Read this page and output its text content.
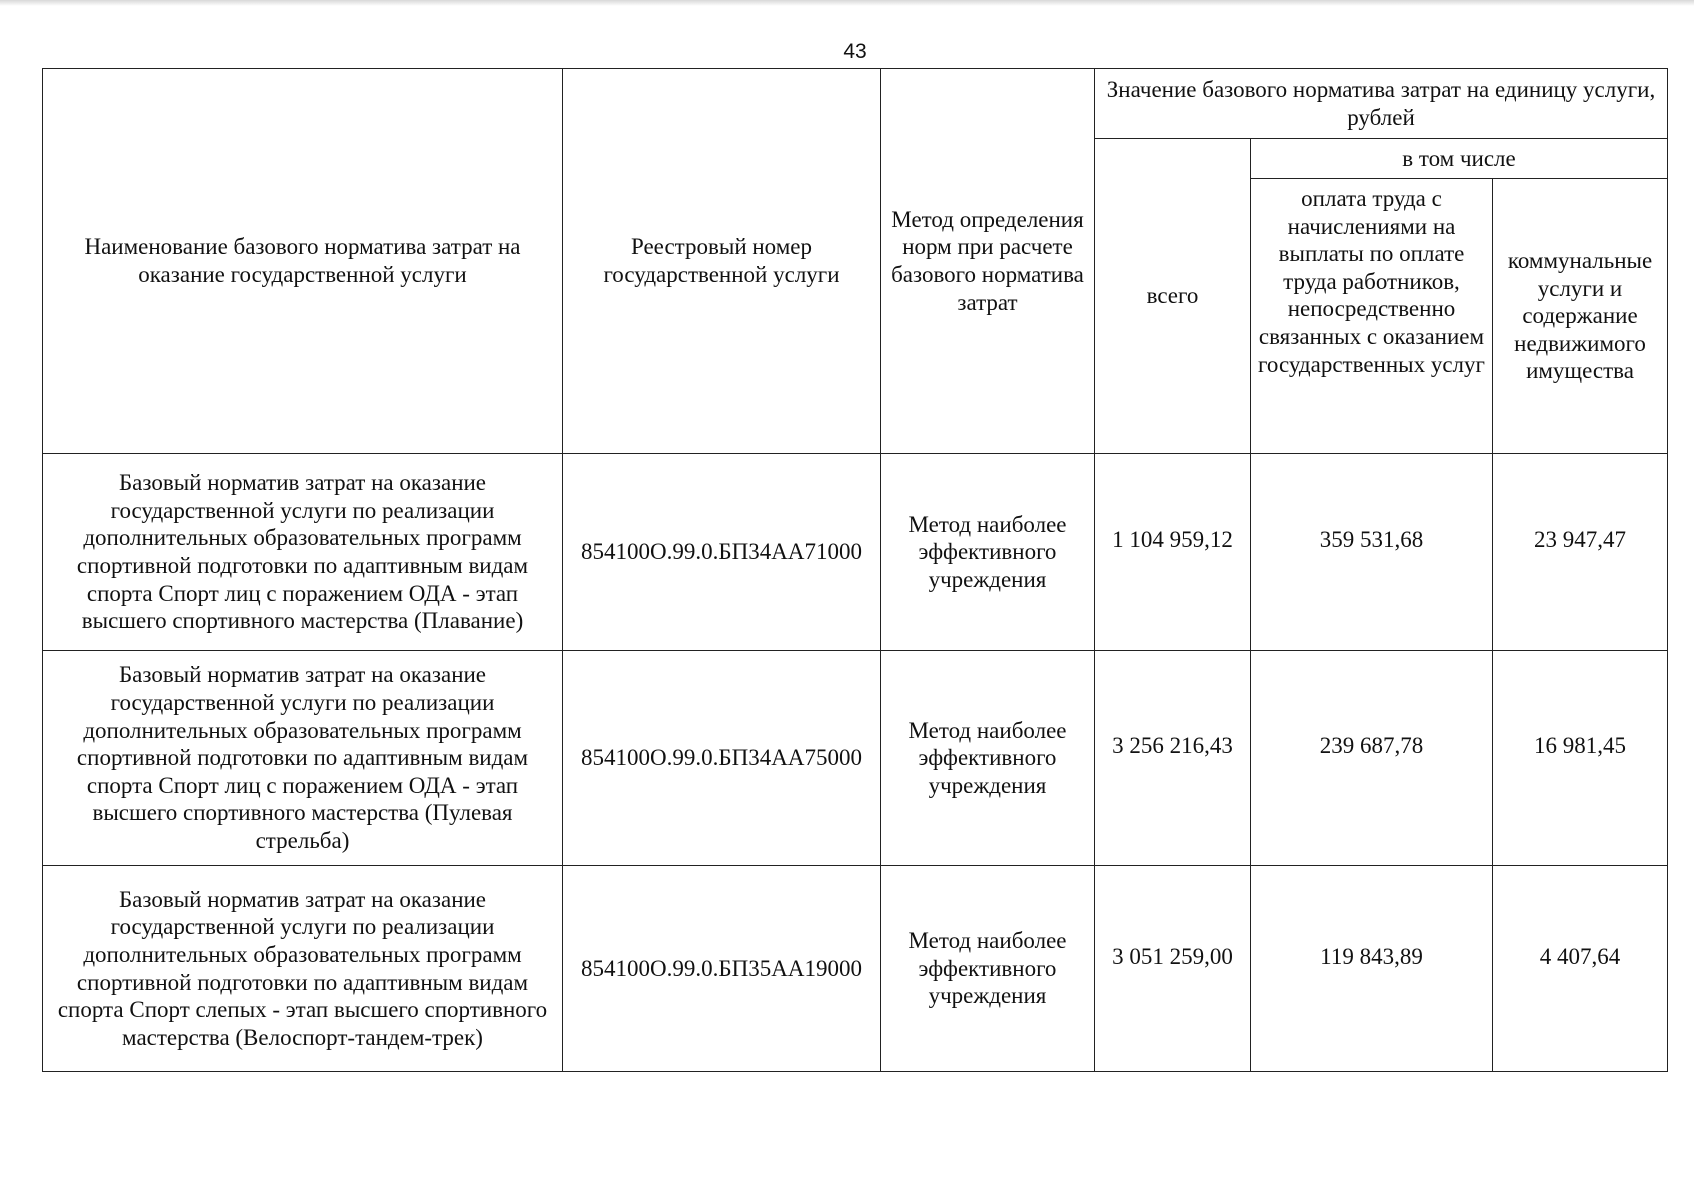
43
Наименование базового норматива затрат на оказание государственной услуги	Реестровый номер государственной услуги	Метод определения норм при расчете базового норматива затрат	Значение базового норматива затрат на единицу услуги, рублей		
			всего	в том числе	
				оплата труда с начислениями на выплаты по оплате труда работников, непосредственно связанных с оказанием государственных услуг	коммунальные услуги и содержание недвижимого имущества
Базовый норматив затрат на оказание государственной услуги по реализации дополнительных образовательных программ спортивной подготовки по адаптивным видам спорта Спорт лиц с поражением ОДА - этап высшего спортивного мастерства (Плавание)	854100О.99.0.БП34АА71000	Метод наиболее эффективного учреждения	1 104 959,12	359 531,68	23 947,47
Базовый норматив затрат на оказание государственной услуги по реализации дополнительных образовательных программ спортивной подготовки по адаптивным видам спорта Спорт лиц с поражением ОДА - этап высшего спортивного мастерства (Пулевая стрельба)	854100О.99.0.БП34АА75000	Метод наиболее эффективного учреждения	3 256 216,43	239 687,78	16 981,45
Базовый норматив затрат на оказание государственной услуги по реализации дополнительных образовательных программ спортивной подготовки по адаптивным видам спорта Спорт слепых - этап высшего спортивного мастерства (Велоспорт-тандем-трек)	854100О.99.0.БП35АА19000	Метод наиболее эффективного учреждения	3 051 259,00	119 843,89	4 407,64
